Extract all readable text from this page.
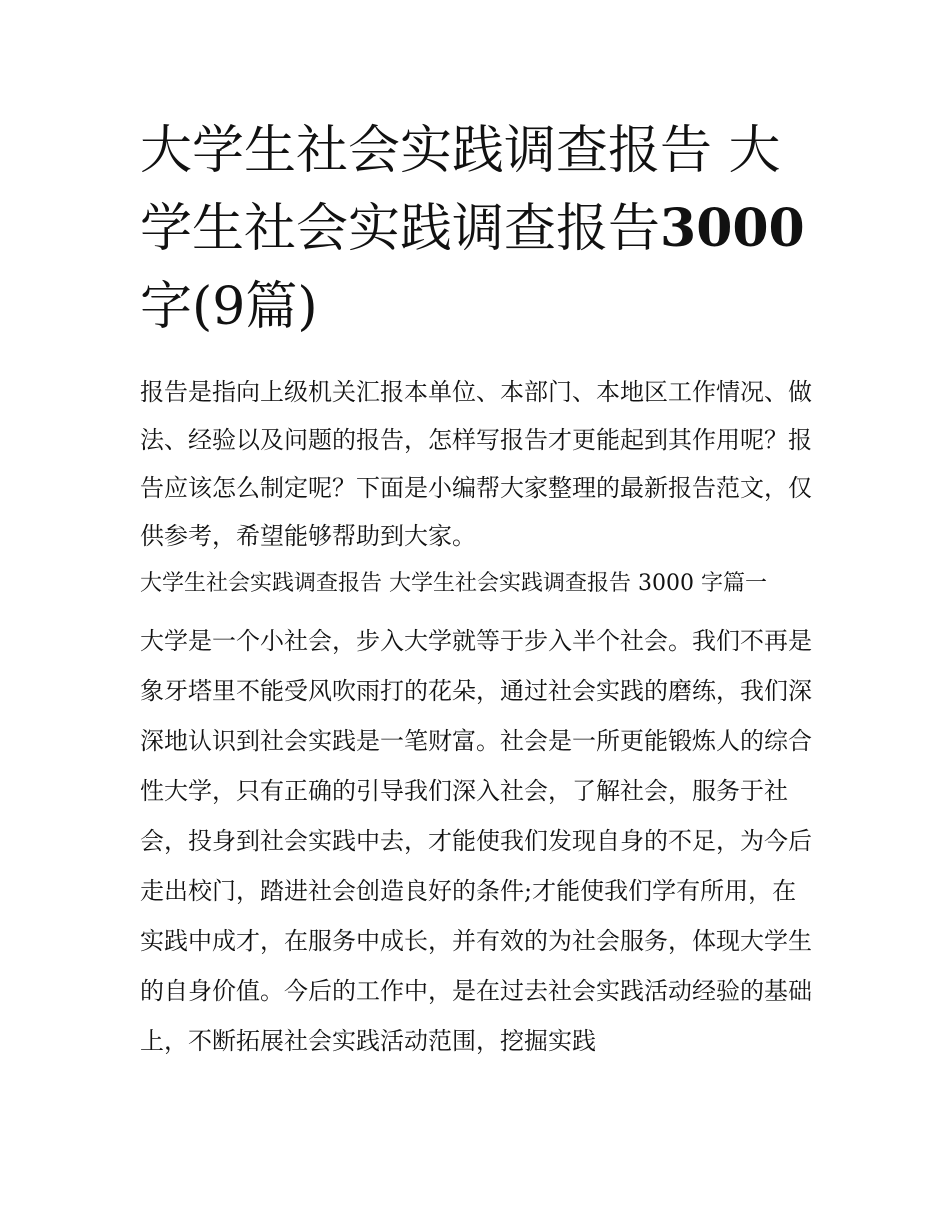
大学生社会实践调查报告 大学生社会实践调查报告3000 字(9篇)

报告是指向上级机关汇报本单位、本部门、本地区工作情况、做法、经验以及问题的报告，怎样写报告才更能起到其作用呢？报告应该怎么制定呢？下面是小编帮大家整理的最新报告范文，仅供参考，希望能够帮助到大家。

大学生社会实践调查报告 大学生社会实践调查报告 3000 字篇一

大学是一个小社会，步入大学就等于步入半个社会。我们不再是象牙塔里不能受风吹雨打的花朵，通过社会实践的磨练，我们深深地认识到社会实践是一笔财富。社会是一所更能锻炼人的综合性大学，只有正确的引导我们深入社会，了解社会，服务于社会，投身到社会实践中去，才能使我们发现自身的不足，为今后走出校门，踏进社会创造良好的条件;才能使我们学有所用，在实践中成才，在服务中成长，并有效的为社会服务，体现大学生的自身价值。今后的工作中，是在过去社会实践活动经验的基础上，不断拓展社会实践活动范围，挖掘实践
